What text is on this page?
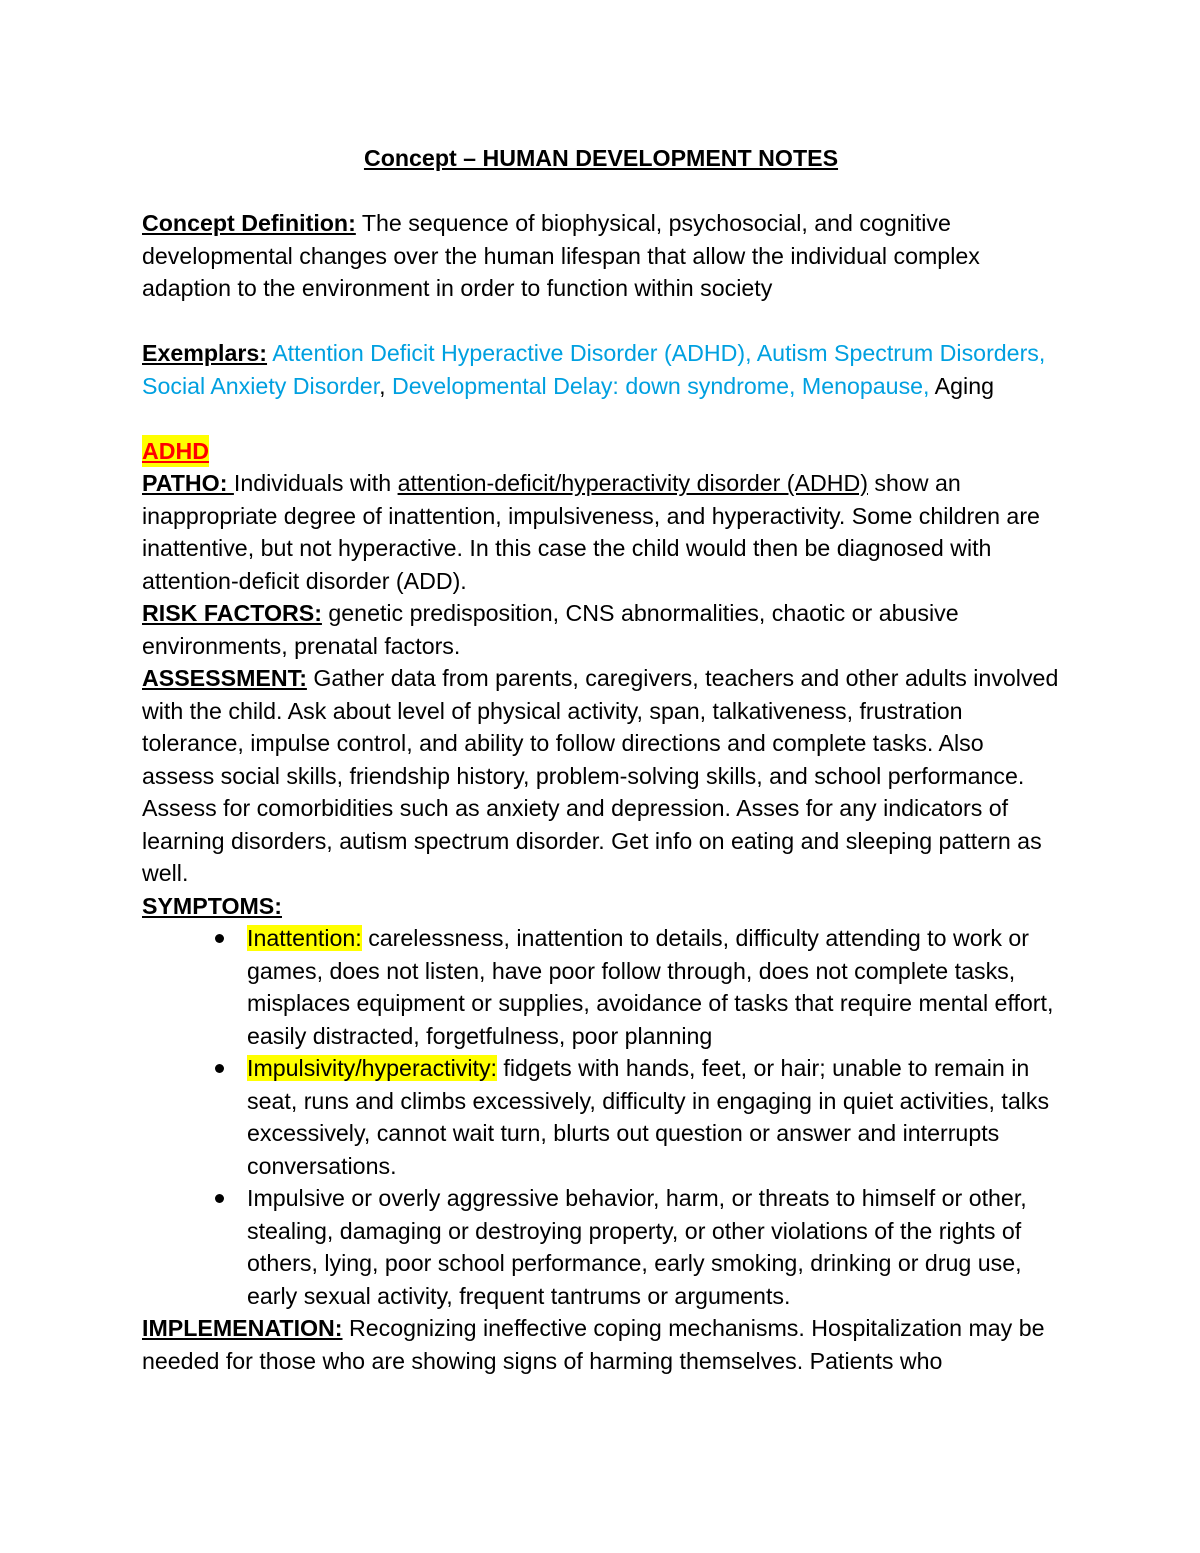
Concept – HUMAN DEVELOPMENT NOTES

Concept Definition: The sequence of biophysical, psychosocial, and cognitive developmental changes over the human lifespan that allow the individual complex adaption to the environment in order to function within society

Exemplars: Attention Deficit Hyperactive Disorder (ADHD), Autism Spectrum Disorders, Social Anxiety Disorder, Developmental Delay: down syndrome, Menopause, Aging

ADHD

PATHO: Individuals with attention-deficit/hyperactivity disorder (ADHD) show an inappropriate degree of inattention, impulsiveness, and hyperactivity. Some children are inattentive, but not hyperactive. In this case the child would then be diagnosed with attention-deficit disorder (ADD).

RISK FACTORS: genetic predisposition, CNS abnormalities, chaotic or abusive environments, prenatal factors.

ASSESSMENT: Gather data from parents, caregivers, teachers and other adults involved with the child. Ask about level of physical activity, span, talkativeness, frustration tolerance, impulse control, and ability to follow directions and complete tasks. Also assess social skills, friendship history, problem-solving skills, and school performance. Assess for comorbidities such as anxiety and depression. Asses for any indicators of learning disorders, autism spectrum disorder. Get info on eating and sleeping pattern as well.

SYMPTOMS:

Inattention: carelessness, inattention to details, difficulty attending to work or games, does not listen, have poor follow through, does not complete tasks, misplaces equipment or supplies, avoidance of tasks that require mental effort, easily distracted, forgetfulness, poor planning
Impulsivity/hyperactivity: fidgets with hands, feet, or hair; unable to remain in seat, runs and climbs excessively, difficulty in engaging in quiet activities, talks excessively, cannot wait turn, blurts out question or answer and interrupts conversations.
Impulsive or overly aggressive behavior, harm, or threats to himself or other, stealing, damaging or destroying property, or other violations of the rights of others, lying, poor school performance, early smoking, drinking or drug use, early sexual activity, frequent tantrums or arguments.

IMPLEMENATION: Recognizing ineffective coping mechanisms. Hospitalization may be needed for those who are showing signs of harming themselves. Patients who
